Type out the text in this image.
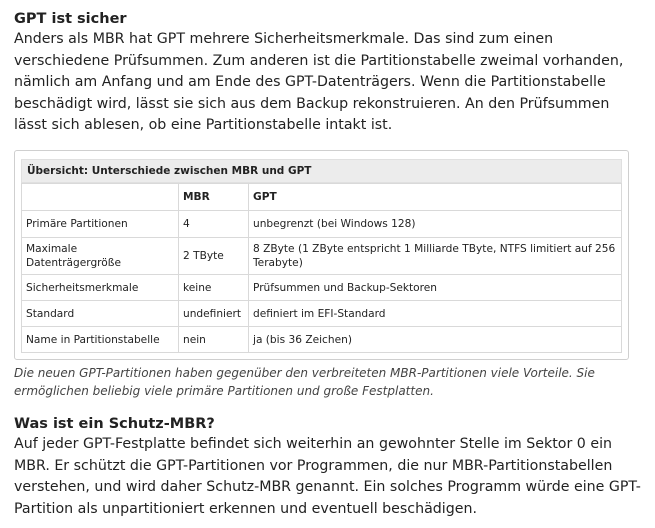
GPT ist sicher

Anders als MBR hat GPT mehrere Sicherheitsmerkmale. Das sind zum einen verschiedene Prüfsummen. Zum anderen ist die Partitionstabelle zweimal vorhanden, nämlich am Anfang und am Ende des GPT-Datenträgers. Wenn die Partitionstabelle beschädigt wird, lässt sie sich aus dem Backup rekonstruieren. An den Prüfsummen lässt sich ablesen, ob eine Partitionstabelle intakt ist.

Übersicht: Unterschiede zwischen MBR und GPT
	MBR	GPT
Primäre Partitionen	4	unbegrenzt (bei Windows 128)
Maximale Datenträgergröße	2 TByte	8 ZByte (1 ZByte entspricht 1 Milliarde TByte, NTFS limitiert auf 256 Terabyte)
Sicherheitsmerkmale	keine	Prüfsummen und Backup-Sektoren
Standard	undefiniert	definiert im EFI-Standard
Name in Partitionstabelle	nein	ja (bis 36 Zeichen)

Die neuen GPT-Partitionen haben gegenüber den verbreiteten MBR-Partitionen viele Vorteile. Sie ermöglichen beliebig viele primäre Partitionen und große Festplatten.

Was ist ein Schutz-MBR?

Auf jeder GPT-Festplatte befindet sich weiterhin an gewohnter Stelle im Sektor 0 ein MBR. Er schützt die GPT-Partitionen vor Programmen, die nur MBR-Partitionstabellen verstehen, und wird daher Schutz-MBR genannt. Ein solches Programm würde eine GPT-Partition als unpartitioniert erkennen und eventuell beschädigen.
